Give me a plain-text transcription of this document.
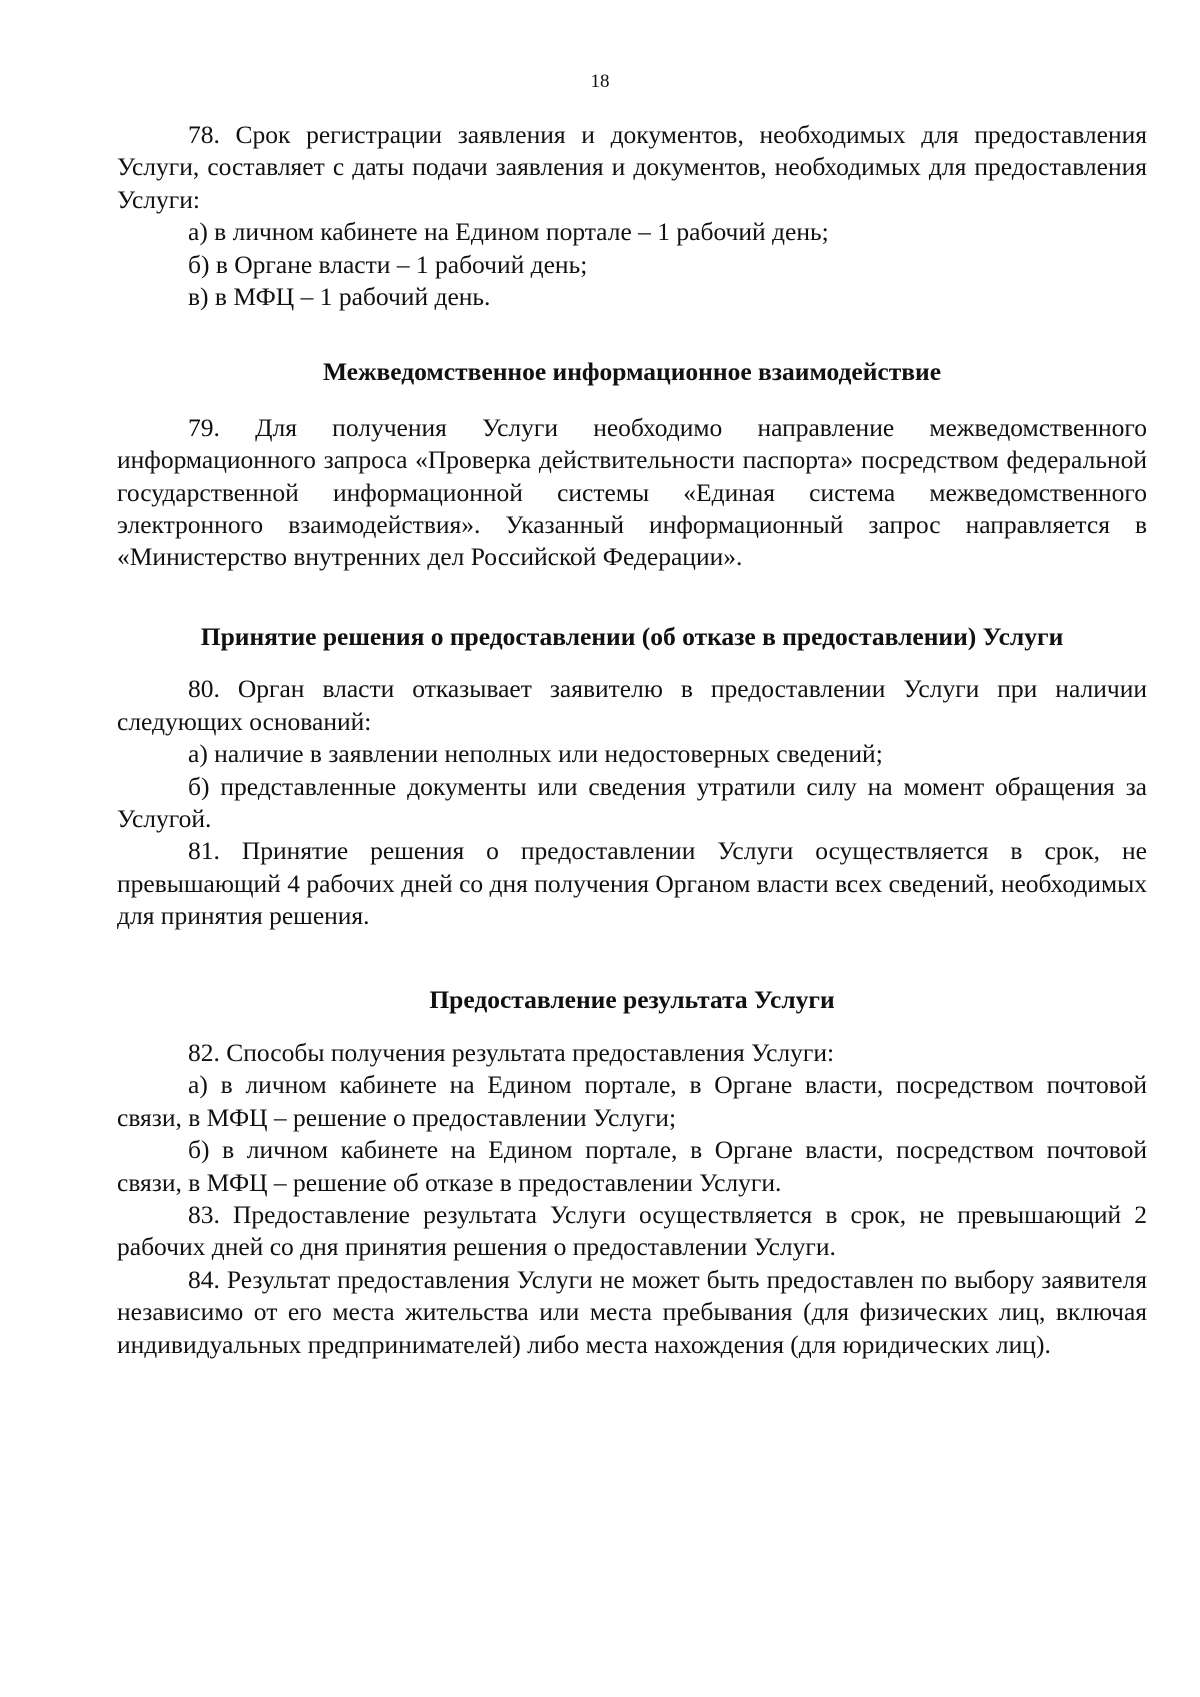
18

78. Срок регистрации заявления и документов, необходимых для предоставления Услуги, составляет с даты подачи заявления и документов, необходимых для предоставления Услуги:

а) в личном кабинете на Едином портале – 1 рабочий день;

б) в Органе власти – 1 рабочий день;

в) в МФЦ – 1 рабочий день.

Межведомственное информационное взаимодействие

79. Для получения Услуги необходимо направление межведомственного информационного запроса «Проверка действительности паспорта» посредством федеральной государственной информационной системы «Единая система межведомственного электронного взаимодействия». Указанный информационный запрос направляется в «Министерство внутренних дел Российской Федерации».

Принятие решения о предоставлении (об отказе в предоставлении) Услуги

80. Орган власти отказывает заявителю в предоставлении Услуги при наличии следующих оснований:

а) наличие в заявлении неполных или недостоверных сведений;

б) представленные документы или сведения утратили силу на момент обращения за Услугой.

81. Принятие решения о предоставлении Услуги осуществляется в срок, не превышающий 4 рабочих дней со дня получения Органом власти всех сведений, необходимых для принятия решения.

Предоставление результата Услуги

82. Способы получения результата предоставления Услуги:

а) в личном кабинете на Едином портале, в Органе власти, посредством почтовой связи, в МФЦ – решение о предоставлении Услуги;

б) в личном кабинете на Едином портале, в Органе власти, посредством почтовой связи, в МФЦ – решение об отказе в предоставлении Услуги.

83. Предоставление результата Услуги осуществляется в срок, не превышающий 2 рабочих дней со дня принятия решения о предоставлении Услуги.

84. Результат предоставления Услуги не может быть предоставлен по выбору заявителя независимо от его места жительства или места пребывания (для физических лиц, включая индивидуальных предпринимателей) либо места нахождения (для юридических лиц).
